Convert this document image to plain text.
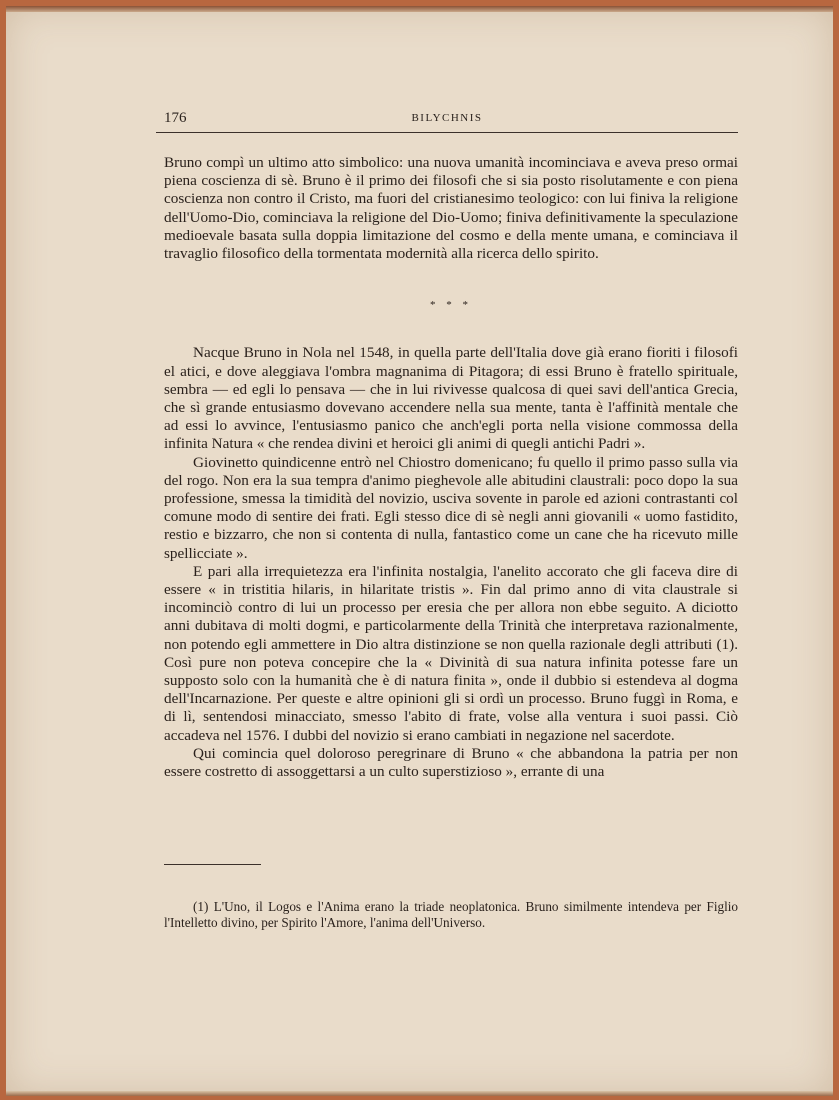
176	BILYCHNIS

Bruno compì un ultimo atto simbolico: una nuova umanità incominciava e aveva preso ormai piena coscienza di sè. Bruno è il primo dei filosofi che si sia posto risolutamente e con piena coscienza non contro il Cristo, ma fuori del cristianesimo teologico: con lui finiva la religione dell'Uomo-Dio, cominciava la religione del Dio-Uomo; finiva definitivamente la speculazione medioevale basata sulla doppia limitazione del cosmo e della mente umana, e cominciava il travaglio filosofico della tormentata modernità alla ricerca dello spirito.

* * *

Nacque Bruno in Nola nel 1548, in quella parte dell'Italia dove già erano fioriti i filosofi el atici, e dove aleggiava l'ombra magnanima di Pitagora; di essi Bruno è fratello spirituale, sembra — ed egli lo pensava — che in lui rivivesse qualcosa di quei savi dell'antica Grecia, che sì grande entusiasmo dovevano accendere nella sua mente, tanta è l'affinità mentale che ad essi lo avvince, l'entusiasmo panico che anch'egli porta nella visione commossa della infinita Natura « che rendea divini et heroici gli animi di quegli antichi Padri ».

Giovinetto quindicenne entrò nel Chiostro domenicano; fu quello il primo passo sulla via del rogo. Non era la sua tempra d'animo pieghevole alle abitudini claustrali: poco dopo la sua professione, smessa la timidità del novizio, usciva sovente in parole ed azioni contrastanti col comune modo di sentire dei frati. Egli stesso dice di sè negli anni giovanili « uomo fastidito, restio e bizzarro, che non si contenta di nulla, fantastico come un cane che ha ricevuto mille spellicciate ».

E pari alla irrequietezza era l'infinita nostalgia, l'anelito accorato che gli faceva dire di essere « in tristitia hilaris, in hilaritate tristis ». Fin dal primo anno di vita claustrale si incominciò contro di lui un processo per eresia che per allora non ebbe seguito. A diciotto anni dubitava di molti dogmi, e particolarmente della Trinità che interpretava razionalmente, non potendo egli ammettere in Dio altra distinzione se non quella razionale degli attributi (1). Così pure non poteva concepire che la « Divinità di sua natura infinita potesse fare un supposto solo con la humanità che è di natura finita », onde il dubbio si estendeva al dogma dell'Incarnazione. Per queste e altre opinioni gli si ordì un processo. Bruno fuggì in Roma, e di lì, sentendosi minacciato, smesso l'abito di frate, volse alla ventura i suoi passi. Ciò accadeva nel 1576. I dubbi del novizio si erano cambiati in negazione nel sacerdote.

Qui comincia quel doloroso peregrinare di Bruno « che abbandona la patria per non essere costretto di assoggettarsi a un culto superstizioso », errante di una

(1) L'Uno, il Logos e l'Anima erano la triade neoplatonica. Bruno similmente intendeva per Figlio l'Intelletto divino, per Spirito l'Amore, l'anima dell'Universo.
